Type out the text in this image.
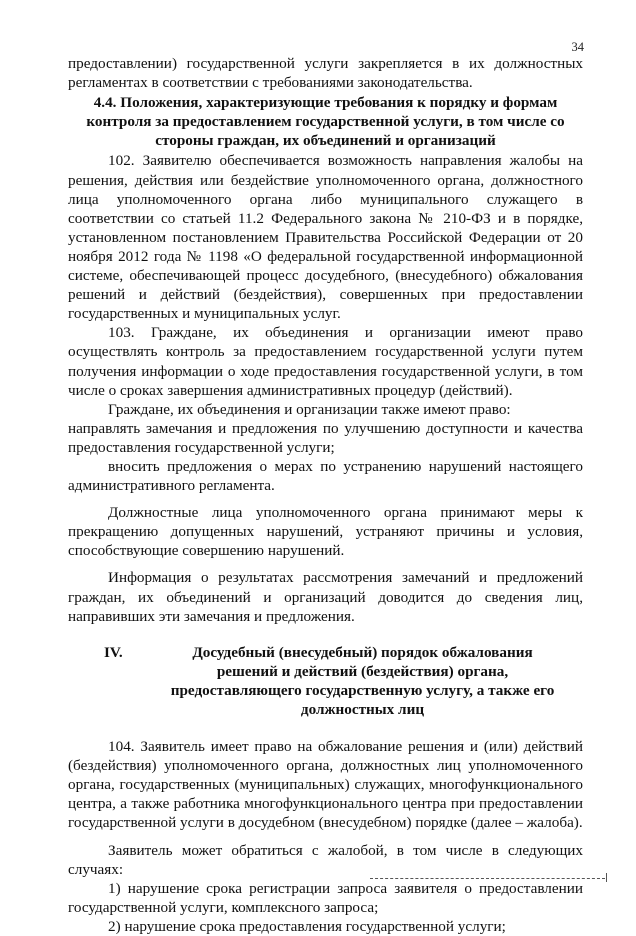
34

предоставлении) государственной услуги закрепляется в их должностных регламентах в соответствии с требованиями законодательства.

4.4. Положения, характеризующие требования к порядку и формам контроля за предоставлением государственной услуги, в том числе со стороны граждан, их объединений и организаций

102. Заявителю обеспечивается возможность направления жалобы на решения, действия или бездействие уполномоченного органа, должностного лица уполномоченного органа либо муниципального служащего в соответствии со статьей 11.2 Федерального закона № 210-ФЗ и в порядке, установленном постановлением Правительства Российской Федерации от 20 ноября 2012 года № 1198 «О федеральной государственной информационной системе, обеспечивающей процесс досудебного, (внесудебного) обжалования решений и действий (бездействия), совершенных при предоставлении государственных и муниципальных услуг.

103. Граждане, их объединения и организации имеют право осуществлять контроль за предоставлением государственной услуги путем получения информации о ходе предоставления государственной услуги, в том числе о сроках завершения административных процедур (действий).

Граждане, их объединения и организации также имеют право:

направлять замечания и предложения по улучшению доступности и качества предоставления государственной услуги;

вносить предложения о мерах по устранению нарушений настоящего административного регламента.

Должностные лица уполномоченного органа принимают меры к прекращению допущенных нарушений, устраняют причины и условия, способствующие совершению нарушений.

Информация о результатах рассмотрения замечаний и предложений граждан, их объединений и организаций доводится до сведения лиц, направивших эти замечания и предложения.

IV.	Досудебный (внесудебный) порядок обжалования решений и действий (бездействия) органа, предоставляющего государственную услугу, а также его должностных лиц

104. Заявитель имеет право на обжалование решения и (или) действий (бездействия) уполномоченного органа, должностных лиц уполномоченного органа, государственных (муниципальных) служащих, многофункционального центра, а также работника многофункционального центра при предоставлении государственной услуги в досудебном (внесудебном) порядке (далее – жалоба).

Заявитель может обратиться с жалобой, в том числе в следующих случаях:

1) нарушение срока регистрации запроса заявителя о предоставлении государственной услуги, комплексного запроса;

2) нарушение срока предоставления государственной услуги;
